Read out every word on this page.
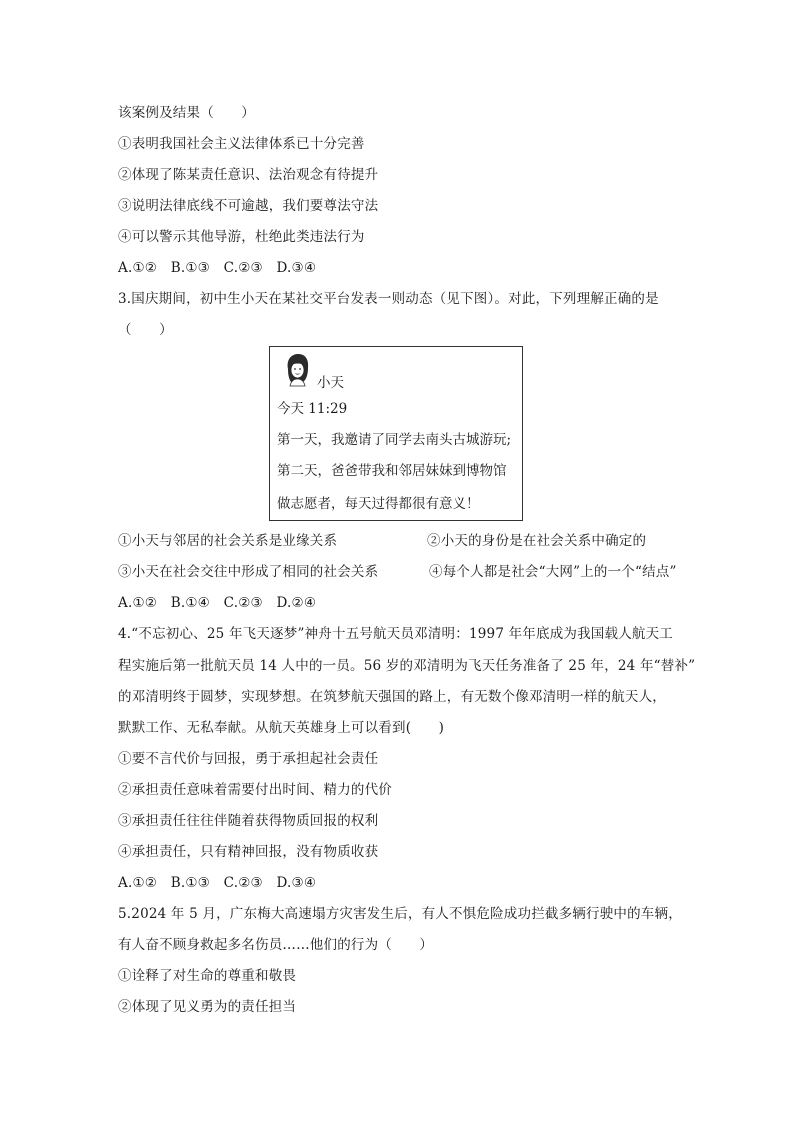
该案例及结果（　　）
①表明我国社会主义法律体系已十分完善
②体现了陈某责任意识、法治观念有待提升
③说明法律底线不可逾越，我们要尊法守法
④可以警示其他导游，杜绝此类违法行为
A.①②　B.①③　C.②③　D.③④
3.国庆期间，初中生小天在某社交平台发表一则动态（见下图）。对此，下列理解正确的是
（　　）
小天
今天 11:29
第一天，我邀请了同学去南头古城游玩;
第二天，爸爸带我和邻居妹妹到博物馆
做志愿者，每天过得都很有意义！
①小天与邻居的社会关系是业缘关系	②小天的身份是在社会关系中确定的
③小天在社会交往中形成了相同的社会关系	④每个人都是社会“大网”上的一个“结点”
A.①②　B.①④　C.②③　D.②④
4.“不忘初心、25 年飞天逐梦”神舟十五号航天员邓清明：1997 年年底成为我国载人航天工
程实施后第一批航天员 14 人中的一员。56 岁的邓清明为飞天任务准备了 25 年，24 年“替补”
的邓清明终于圆梦，实现梦想。在筑梦航天强国的路上，有无数个像邓清明一样的航天人，
默默工作、无私奉献。从航天英雄身上可以看到(　　)
①要不言代价与回报，勇于承担起社会责任
②承担责任意味着需要付出时间、精力的代价
③承担责任往往伴随着获得物质回报的权利
④承担责任，只有精神回报，没有物质收获
A.①②　B.①③　C.②③　D.③④
5.2024 年 5 月，广东梅大高速塌方灾害发生后，有人不惧危险成功拦截多辆行驶中的车辆，
有人奋不顾身救起多名伤员……他们的行为（　　）
①诠释了对生命的尊重和敬畏
②体现了见义勇为的责任担当
